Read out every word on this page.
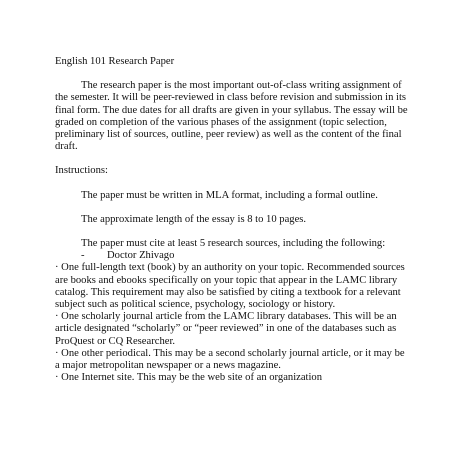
English 101 Research Paper

The research paper is the most important out-of-class writing assignment of the semester. It will be peer-reviewed in class before revision and submission in its final form. The due dates for all drafts are given in your syllabus. The essay will be graded on completion of the various phases of the assignment (topic selection, preliminary list of sources, outline, peer review) as well as the content of the final draft.

Instructions:

The paper must be written in MLA format, including a formal outline.

The approximate length of the essay is 8 to 10 pages.

The paper must cite at least 5 research sources, including the following:

- Doctor Zhivago

· One full-length text (book) by an authority on your topic. Recommended sources are books and ebooks specifically on your topic that appear in the LAMC library catalog. This requirement may also be satisfied by citing a textbook for a relevant subject such as political science, psychology, sociology or history.

· One scholarly journal article from the LAMC library databases. This will be an article designated “scholarly” or “peer reviewed” in one of the databases such as ProQuest or CQ Researcher.

· One other periodical. This may be a second scholarly journal article, or it may be a major metropolitan newspaper or a news magazine.

· One Internet site. This may be the web site of an organization
